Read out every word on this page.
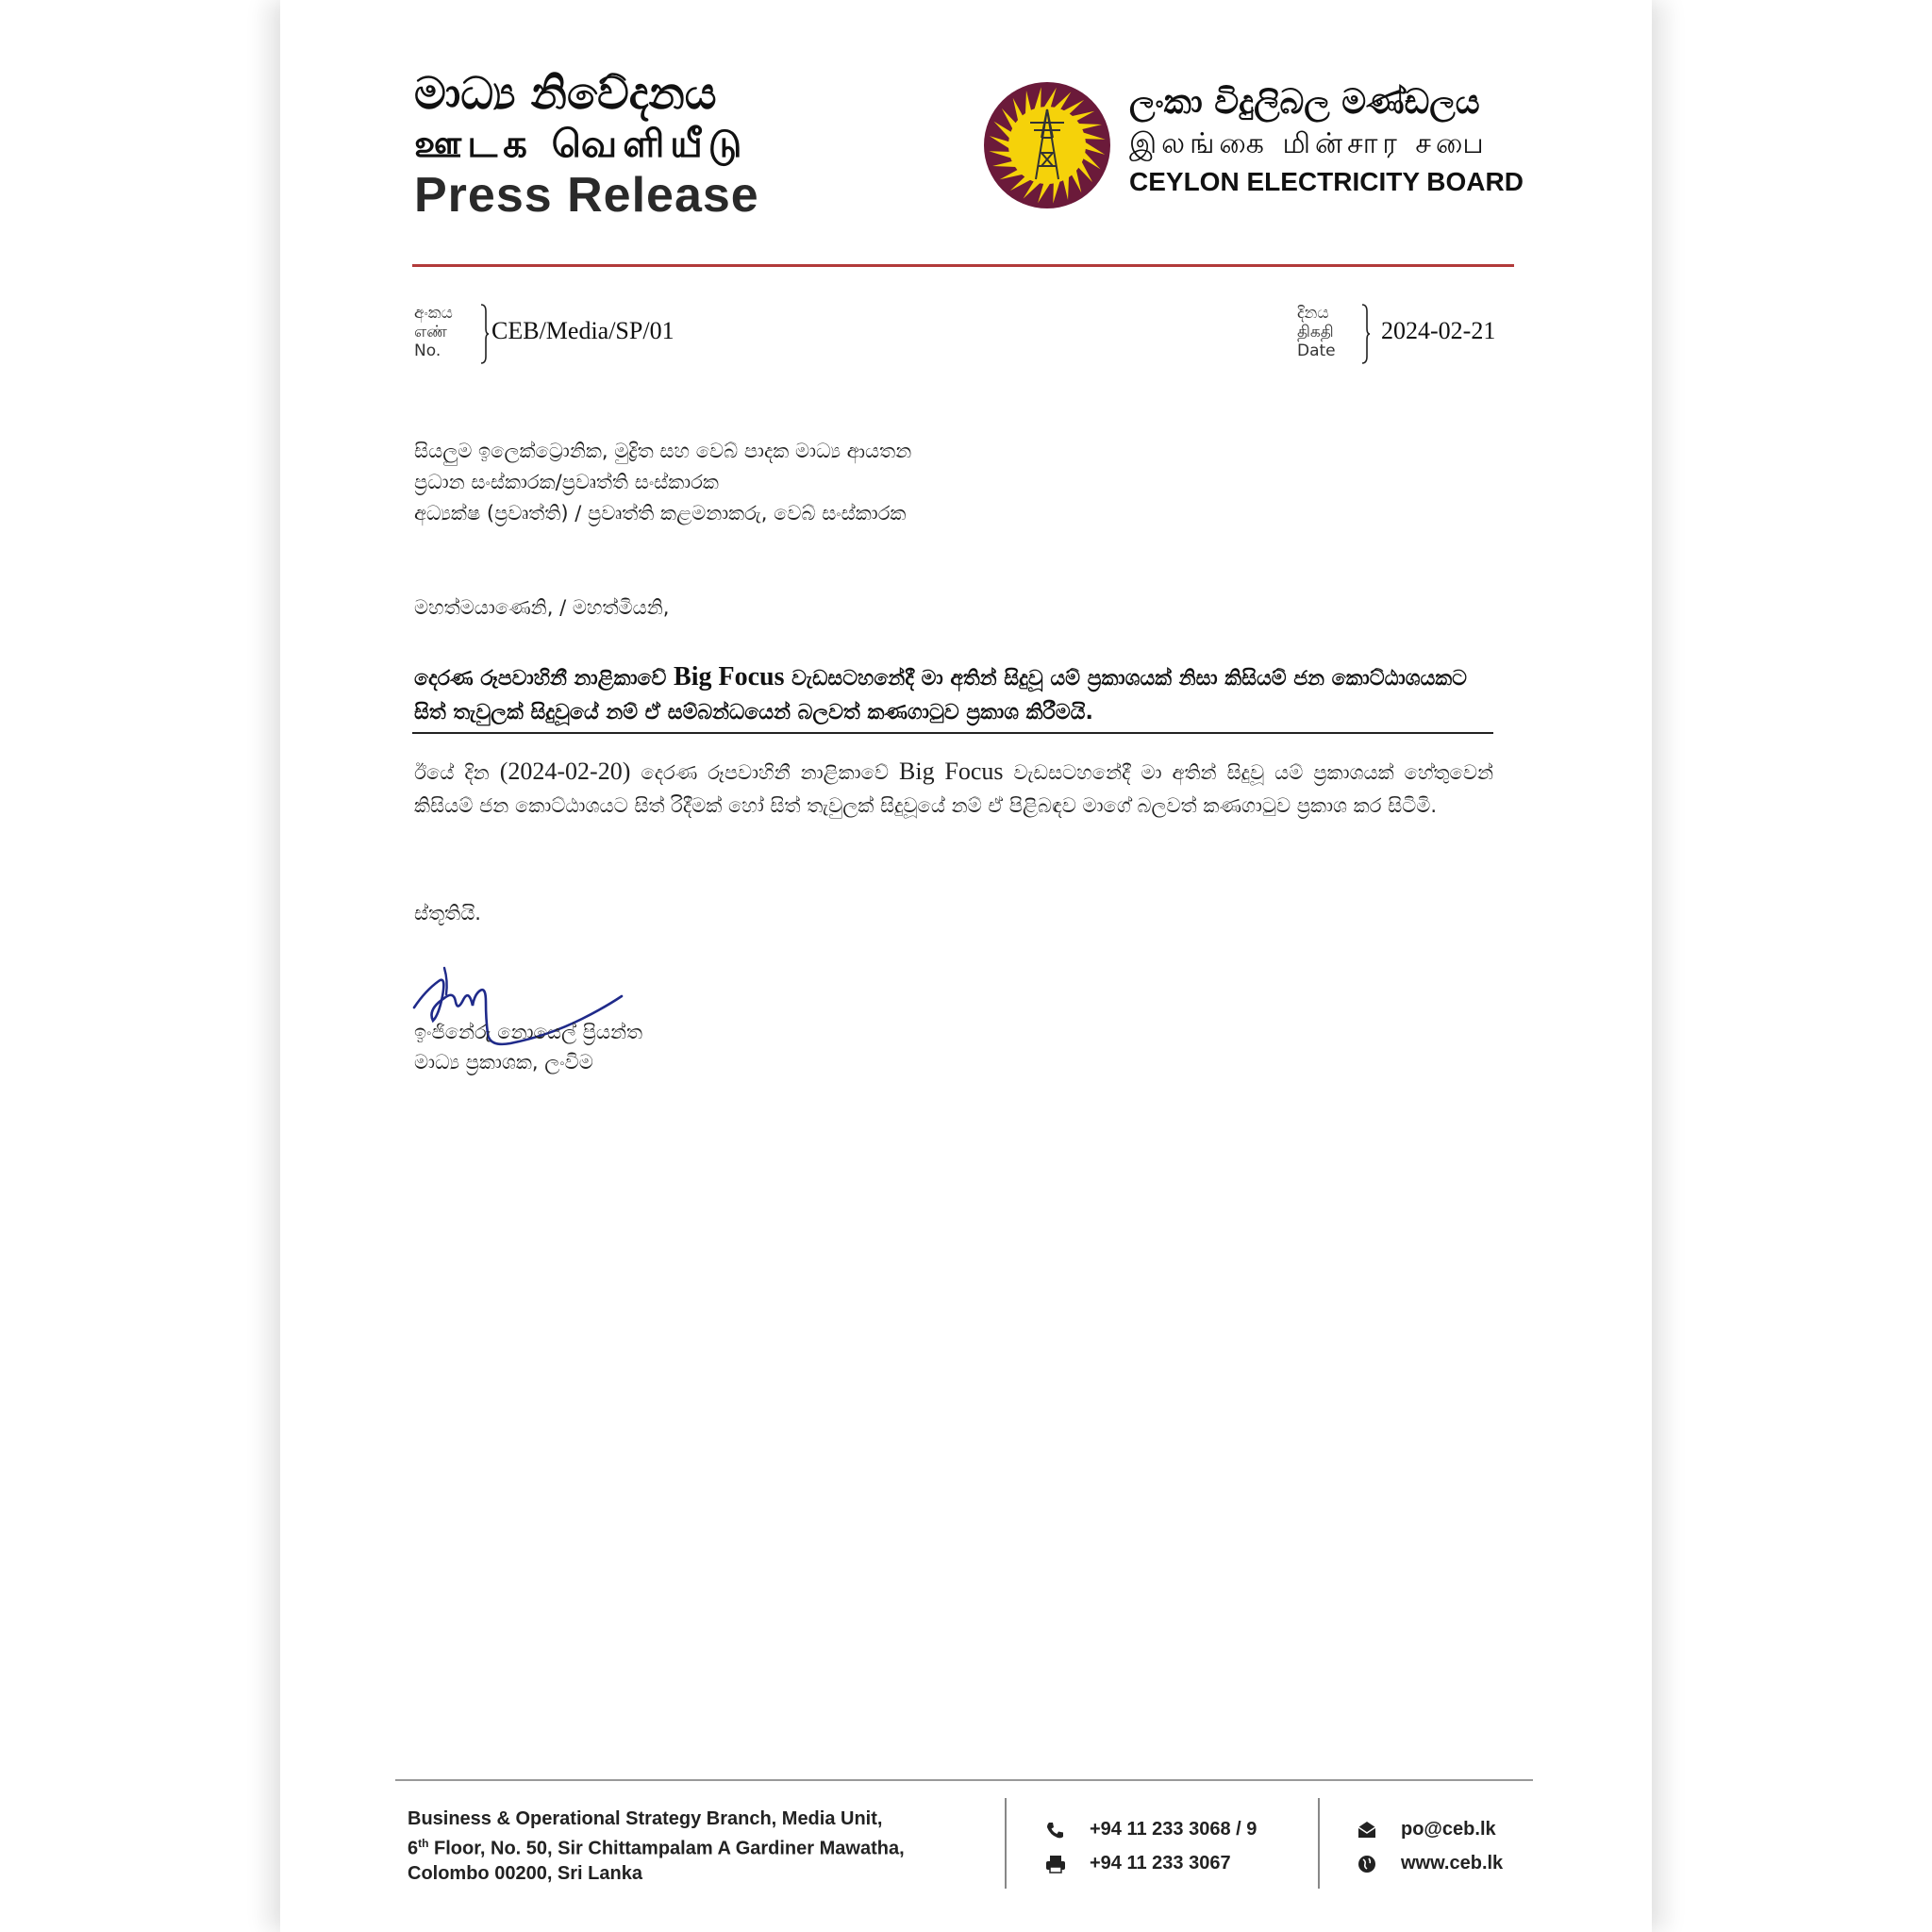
මාධ්‍ය නිවේදනය
ஊடக வெளியீடு
Press Release
ලංකා විදුලිබල මණ්ඩලය
இலங்கை மின்சார சபை
CEYLON ELECTRICITY BOARD
අංකය
எண்
No.
CEB/Media/SP/01
දිනය
திகதி
Date
2024-02-21
සියලුම ඉලෙක්ට්‍රොනික, මුද්‍රිත සහ වෙබ් පාදක මාධ්‍ය ආයතන
ප්‍රධාන සංස්කාරක/ප්‍රවෘත්ති සංස්කාරක
අධ්‍යක්ෂ (ප්‍රවෘත්ති) / ප්‍රවෘත්ති කළමනාකරු, වෙබ් සංස්කාරක
මහත්මයාණෙනි, / මහත්මියනි,
දෙරණ රූපවාහිනී නාළිකාවේ Big Focus වැඩසටහනේදී මා අතින් සිදුවූ යම් ප්‍රකාශයක් නිසා කිසියම් ජන කොට්ඨාශයකට සිත් තැවුලක් සිදුවූයේ නම් ඒ සම්බන්ධයෙන් බලවත් කණගාටුව ප්‍රකාශ කිරීමයි.
ඊයේ දින (2024-02-20) දෙරණ රූපවාහිනී නාළිකාවේ Big Focus වැඩසටහනේදී මා අතින් සිදුවූ යම් ප්‍රකාශයක් හේතුවෙන් කිසියම් ජන කොට්ඨාශයට සිත් රිදීමක් හෝ සිත් තැවුලක් සිදුවූයේ නම් ඒ පිළිබඳව මාගේ බලවත් කණගාටුව ප්‍රකාශ කර සිටිමි.
ස්තූතියි.
ඉංජිනේරු නොයෙල් ප්‍රියන්ත
මාධ්‍ය ප්‍රකාශක, ලංවිම
Business & Operational Strategy Branch, Media Unit,
6th Floor, No. 50, Sir Chittampalam A Gardiner Mawatha,
Colombo 00200, Sri Lanka
+94 11 233 3068 / 9
+94 11 233 3067
po@ceb.lk
www.ceb.lk
